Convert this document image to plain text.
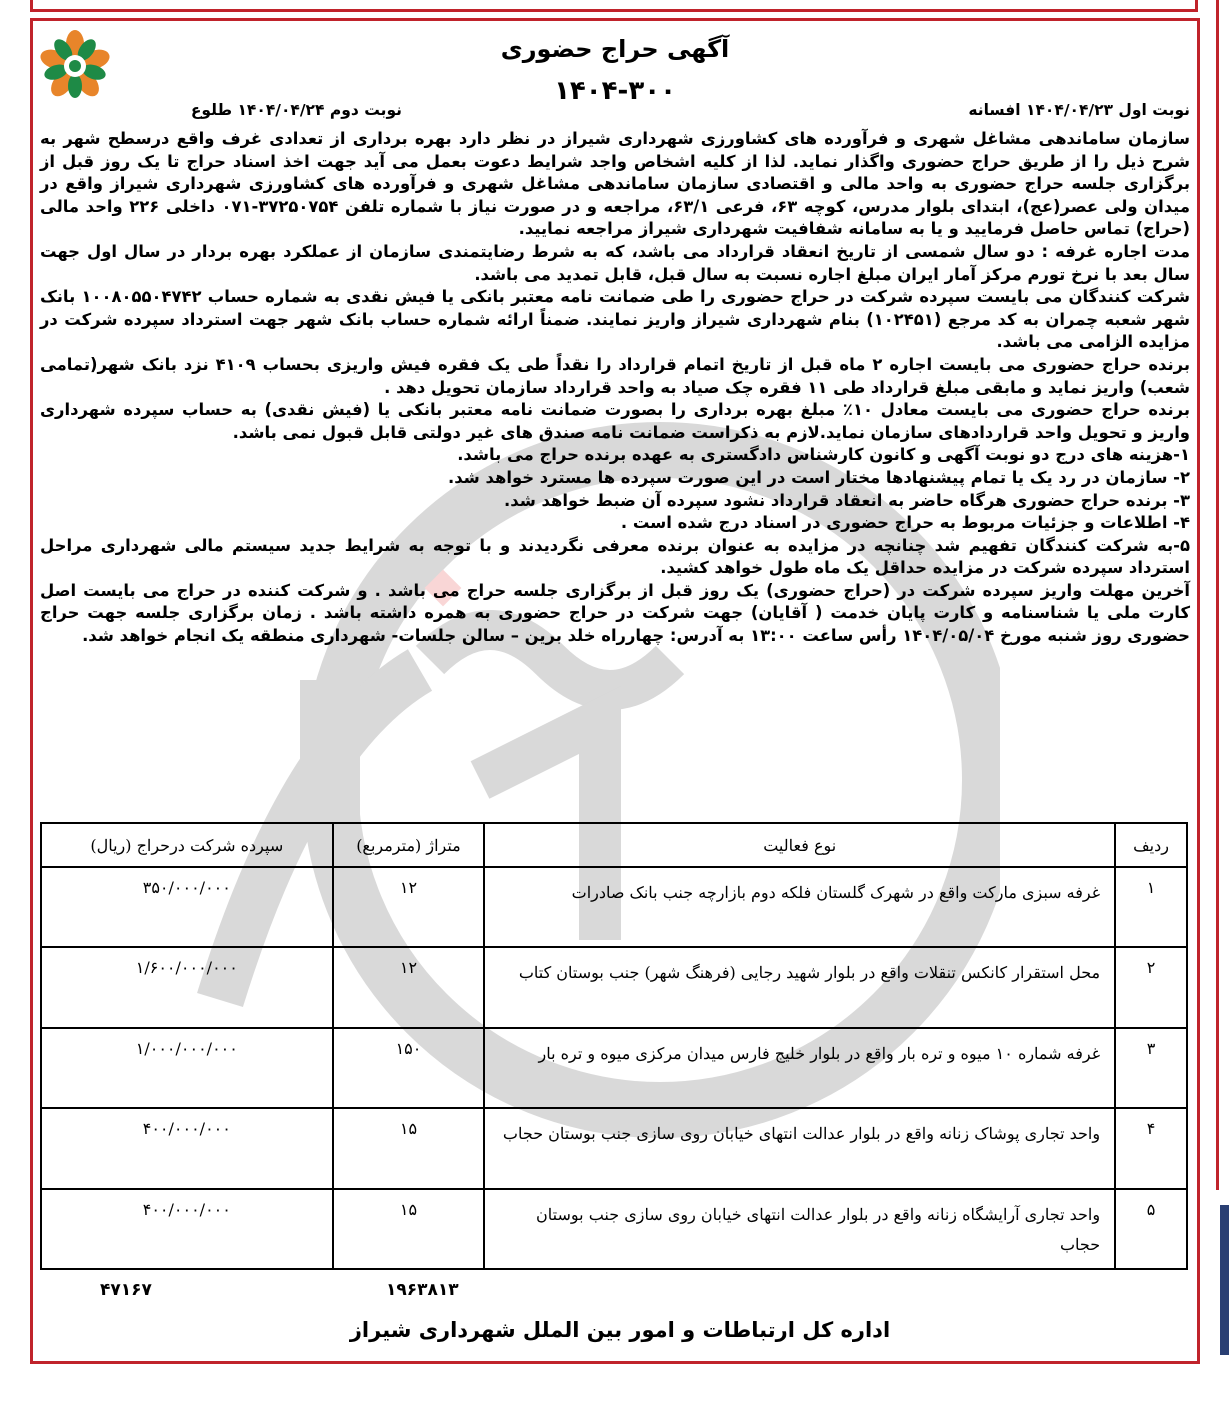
آگهی حراج حضوری
۱۴۰۴-۳۰۰
نوبت اول ۱۴۰۴/۰۴/۲۳ افسانه
نوبت دوم ۱۴۰۴/۰۴/۲۴ طلوع

سازمان ساماندهی مشاغل شهری و فرآورده های کشاورزی شهرداری شیراز در نظر دارد بهره برداری از تعدادی غرف واقع درسطح شهر به شرح ذیل را از طریق حراج حضوری واگذار نماید. لذا از کلیه اشخاص واجد شرایط دعوت بعمل می آید جهت اخذ اسناد حراج تا یک روز قبل از برگزاری جلسه حراج حضوری به واحد مالی و اقتصادی سازمان ساماندهی مشاغل شهری و فرآورده های کشاورزی شهرداری شیراز واقع در میدان ولی عصر(عج)، ابتدای بلوار مدرس، کوچه ۶۳، فرعی ۶۳/۱، مراجعه و در صورت نیاز با شماره تلفن ۳۷۲۵۰۷۵۴-۰۷۱ داخلی ۲۲۶ واحد مالی (حراج) تماس حاصل فرمایید و یا به سامانه شفافیت شهرداری شیراز مراجعه نمایید.

مدت اجاره غرفه : دو سال شمسی از تاریخ انعقاد قرارداد می باشد، که به شرط رضایتمندی سازمان از عملکرد بهره بردار در سال اول جهت سال بعد با نرخ تورم مرکز آمار ایران مبلغ اجاره نسبت به سال قبل، قابل تمدید می باشد.

شرکت کنندگان می بایست سپرده شرکت در حراج حضوری را طی ضمانت نامه معتبر بانکی یا فیش نقدی به شماره حساب ۱۰۰۸۰۵۵۰۴۷۴۲ بانک شهر شعبه چمران به کد مرجع (۱۰۲۴۵۱) بنام شهرداری شیراز واریز نمایند. ضمناً ارائه شماره حساب بانک شهر جهت استرداد سپرده شرکت در مزایده الزامی می باشد.

برنده حراج حضوری می بایست اجاره ۲ ماه قبل از تاریخ اتمام قرارداد را نقداً طی یک فقره فیش واریزی بحساب ۴۱۰۹ نزد بانک شهر(تمامی شعب) واریز نماید و مابقی مبلغ قرارداد طی ۱۱ فقره چک صیاد به واحد قرارداد سازمان تحویل دهد .

برنده حراج حضوری می بایست معادل ۱۰٪ مبلغ بهره برداری را بصورت ضمانت نامه معتبر بانکی یا (فیش نقدی) به حساب سپرده شهرداری واریز و تحویل واحد قراردادهای سازمان نماید.لازم به ذکراست ضمانت نامه صندق های غیر دولتی قابل قبول نمی باشد.

۱-هزینه های درج دو نوبت آگهی و کانون کارشناس دادگستری به عهده برنده حراج می باشد.

۲- سازمان در رد یک یا تمام پیشنهادها مختار است در این صورت سپرده ها مسترد خواهد شد.

۳- برنده حراج حضوری هرگاه حاضر به انعقاد قرارداد نشود سپرده آن ضبط خواهد شد.

۴- اطلاعات و جزئیات مربوط به حراج حضوری در اسناد درج شده است .

۵-به شرکت کنندگان تفهیم شد چنانچه در مزایده به عنوان برنده معرفی نگردیدند و با توجه به شرایط جدید سیستم مالی شهرداری مراحل استرداد سپرده شرکت در مزایده حداقل یک ماه طول خواهد کشید.

آخرین مهلت واریز سپرده شرکت در (حراج حضوری) یک روز قبل از برگزاری جلسه حراج می باشد . و شرکت کننده در حراج می بایست اصل کارت ملی یا شناسنامه و کارت پایان خدمت ( آقایان) جهت شرکت در حراج حضوری به همره داشته باشد . زمان برگزاری جلسه جهت حراج حضوری روز شنبه مورخ ۱۴۰۴/۰۵/۰۴ رأس ساعت ۱۳:۰۰ به آدرس: چهارراه خلد برین – سالن جلسات- شهرداری منطقه یک انجام خواهد شد.

ردیف	نوع فعالیت	متراژ (مترمربع)	سپرده شرکت درحراج (ریال)
۱	غرفه سبزی مارکت واقع در شهرک گلستان فلکه دوم بازارچه جنب بانک صادرات	۱۲	۳۵۰/۰۰۰/۰۰۰
۲	محل استقرار کانکس تنقلات واقع در بلوار شهید رجایی (فرهنگ شهر) جنب بوستان کتاب	۱۲	۱/۶۰۰/۰۰۰/۰۰۰
۳	غرفه شماره ۱۰ میوه و تره بار واقع در بلوار خلیج فارس میدان مرکزی میوه و تره بار	۱۵۰	۱/۰۰۰/۰۰۰/۰۰۰
۴	واحد تجاری پوشاک زنانه واقع در بلوار عدالت انتهای خیابان روی سازی جنب بوستان حجاب	۱۵	۴۰۰/۰۰۰/۰۰۰
۵	واحد تجاری آرایشگاه زنانه واقع در بلوار عدالت انتهای خیابان روی سازی جنب بوستان حجاب	۱۵	۴۰۰/۰۰۰/۰۰۰
۴۷۱۶۷	۱۹۶۳۸۱۳
اداره کل ارتباطات و امور بین الملل شهرداری شیراز
